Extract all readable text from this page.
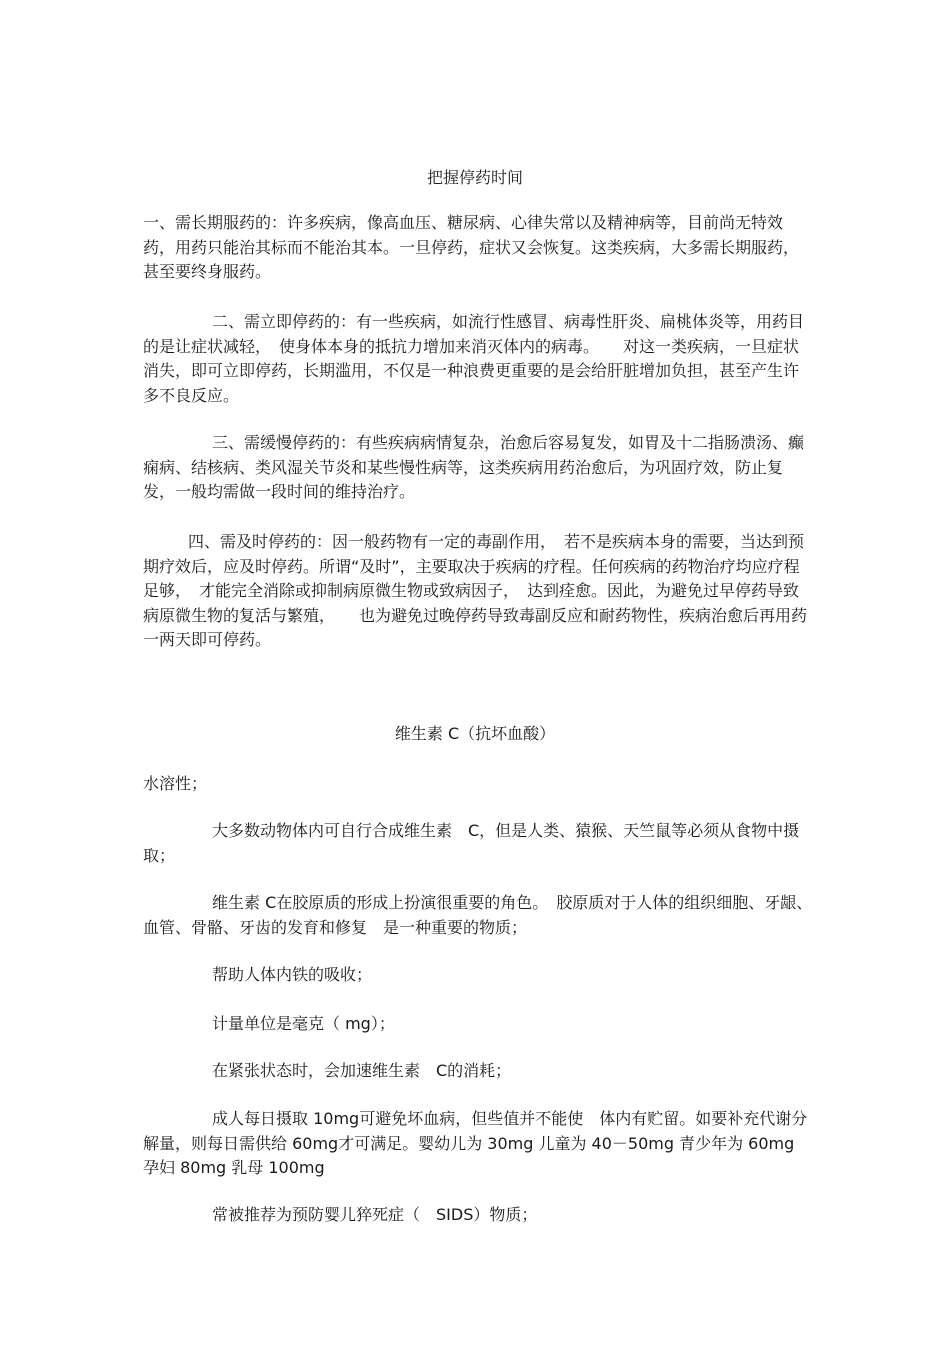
把握停药时间

一、需长期服药的：许多疾病，像高血压、糖尿病、心律失常以及精神病等，目前尚无特效药，用药只能治其标而不能治其本。一旦停药，症状又会恢复。这类疾病，大多需长期服药，甚至要终身服药。

二、需立即停药的：有一些疾病，如流行性感冒、病毒性肝炎、扁桃体炎等，用药目的是让症状减轻，　使身体本身的抵抗力增加来消灭体内的病毒。　　对这一类疾病，一旦症状消失，即可立即停药，长期滥用，不仅是一种浪费更重要的是会给肝脏增加负担，甚至产生许多不良反应。

三、需缓慢停药的：有些疾病病情复杂，治愈后容易复发，如胃及十二指肠溃汤、癫痫病、结核病、类风湿关节炎和某些慢性病等，这类疾病用药治愈后，为巩固疗效，防止复发，一般均需做一段时间的维持治疗。

四、需及时停药的：因一般药物有一定的毒副作用，　若不是疾病本身的需要，当达到预期疗效后，应及时停药。所谓“及时”，主要取决于疾病的疗程。任何疾病的药物治疗均应疗程足够，　才能完全消除或抑制病原微生物或致病因子，　达到痊愈。因此，为避免过早停药导致病原微生物的复活与繁殖，　　也为避免过晚停药导致毒副反应和耐药物性，疾病治愈后再用药一两天即可停药。

维生素 C（抗坏血酸）

水溶性；

大多数动物体内可自行合成维生素　C，但是人类、猿猴、天竺鼠等必须从食物中摄取；

维生素 C在胶原质的形成上扮演很重要的角色。　胶原质对于人体的组织细胞、牙龈、血管、骨骼、牙齿的发育和修复　是一种重要的物质；

帮助人体内铁的吸收；

计量单位是毫克（ mg）；

在紧张状态时，会加速维生素　C的消耗；

成人每日摄取 10mg可避免坏血病，但些值并不能使　体内有贮留。如要补充代谢分解量，则每日需供给 60mg才可满足。婴幼儿为 30mg 儿童为 40－50mg 青少年为 60mg 孕妇 80mg 乳母 100mg

常被推荐为预防婴儿猝死症（　SIDS）物质；
